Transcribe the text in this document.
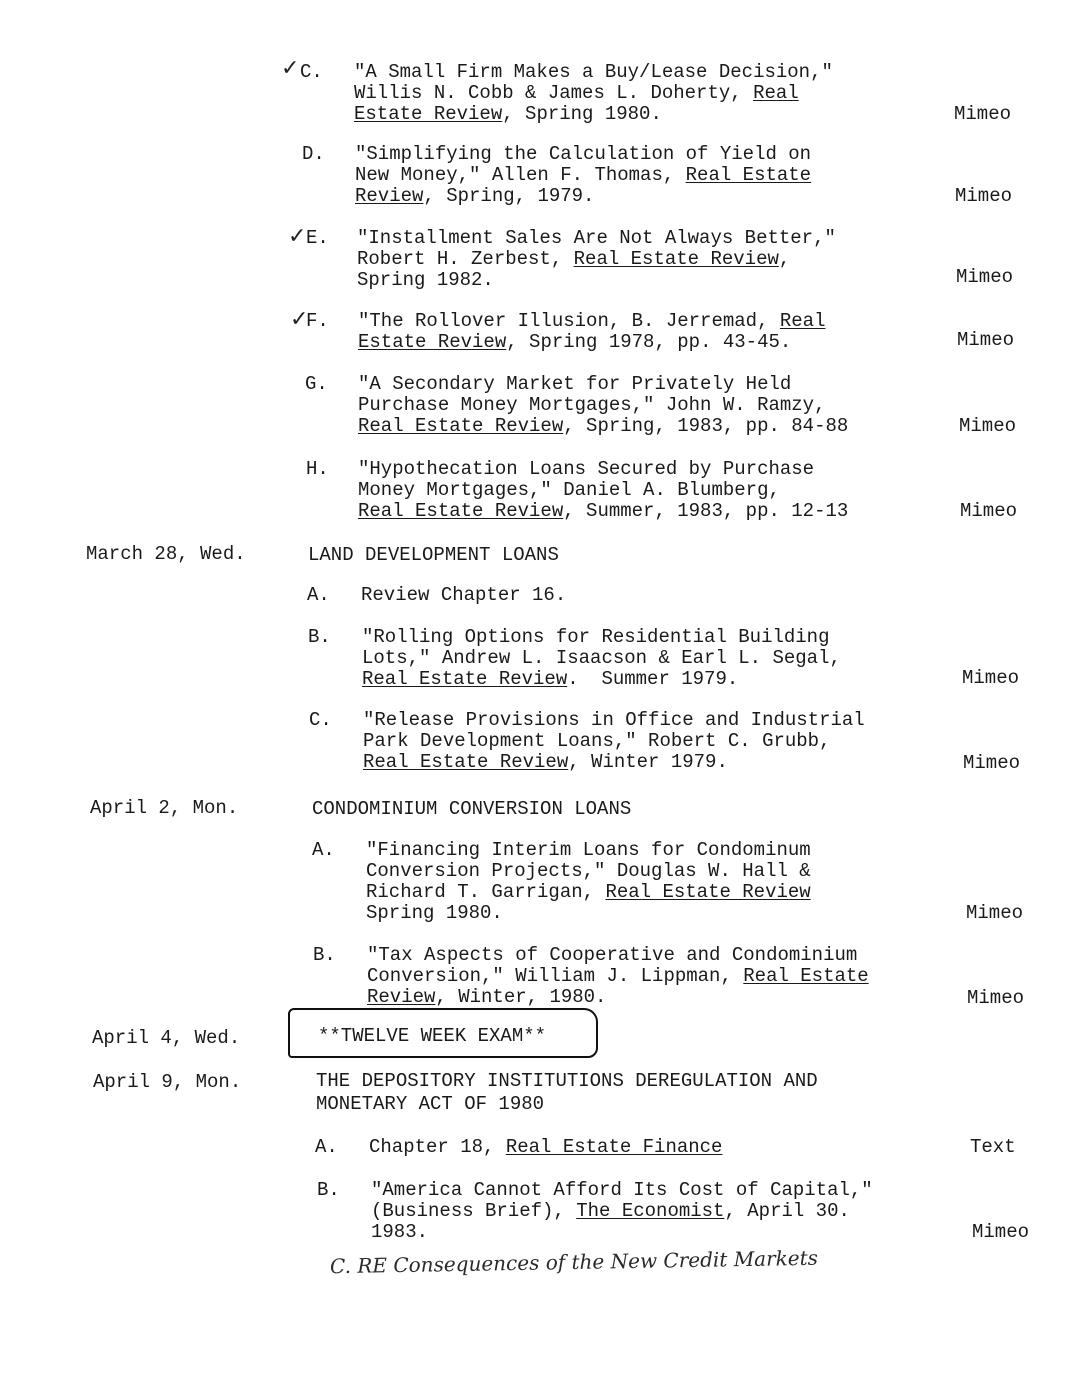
✓ C.	"A Small Firm Makes a Buy/Lease Decision,"
Willis N. Cobb & James L. Doherty, Real
Estate Review, Spring 1980.	Mimeo
D.	"Simplifying the Calculation of Yield on
New Money," Allen F. Thomas, Real Estate
Review, Spring, 1979.	Mimeo
✓ E.	"Installment Sales Are Not Always Better,"
Robert H. Zerbest, Real Estate Review,
Spring 1982.	Mimeo
✓
F.	"The Rollover Illusion, B. Jerremad, Real
Estate Review, Spring 1978, pp. 43-45.	Mimeo
G.	"A Secondary Market for Privately Held
Purchase Money Mortgages," John W. Ramzy,
Real Estate Review, Spring, 1983, pp. 84-88	Mimeo
H.	"Hypothecation Loans Secured by Purchase
Money Mortgages," Daniel A. Blumberg,
Real Estate Review, Summer, 1983, pp. 12-13	Mimeo
March 28, Wed.	LAND DEVELOPMENT LOANS
A.	Review Chapter 16.
B.	"Rolling Options for Residential Building
Lots," Andrew L. Isaacson & Earl L. Segal,
Real Estate Review.  Summer 1979.	Mimeo
C.	"Release Provisions in Office and Industrial
Park Development Loans," Robert C. Grubb,
Real Estate Review, Winter 1979.	Mimeo
April 2, Mon.	CONDOMINIUM CONVERSION LOANS
A.	"Financing Interim Loans for Condominum
Conversion Projects," Douglas W. Hall &
Richard T. Garrigan, Real Estate Review
Spring 1980.	Mimeo
B.	"Tax Aspects of Cooperative and Condominium
Conversion," William J. Lippman, Real Estate
Review, Winter, 1980.	Mimeo
April 4, Wed.	**TWELVE WEEK EXAM**
April 9, Mon.	THE DEPOSITORY INSTITUTIONS DEREGULATION AND
MONETARY ACT OF 1980
A.	Chapter 18, Real Estate Finance	Text
B.	"America Cannot Afford Its Cost of Capital,"
(Business Brief), The Economist, April 30.
1983.	Mimeo
C. RE Consequences of the New Credit Markets
